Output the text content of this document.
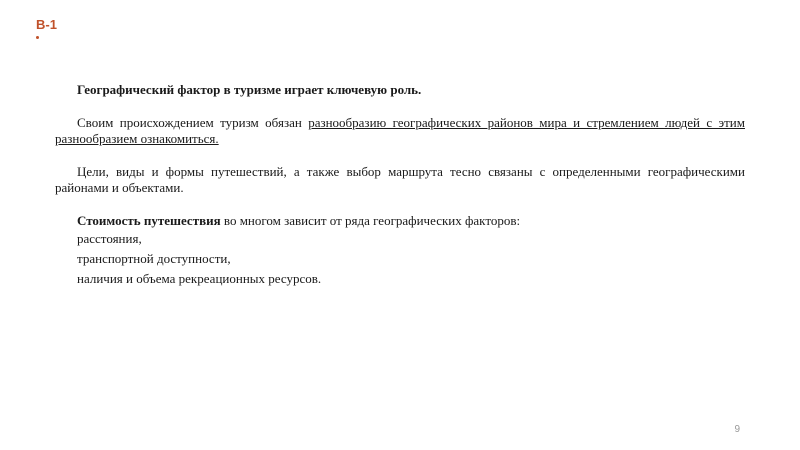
В-1

Географический фактор в туризме играет ключевую роль.

Своим происхождением туризм обязан разнообразию географических районов мира и стремлением людей с этим разнообразием ознакомиться.

Цели, виды и формы путешествий, а также выбор маршрута тесно связаны с определенными географическими районами и объектами.

Стоимость путешествия во многом зависит от ряда географических факторов:

расстояния,
транспортной доступности,
наличия и объема рекреационных ресурсов.
9
